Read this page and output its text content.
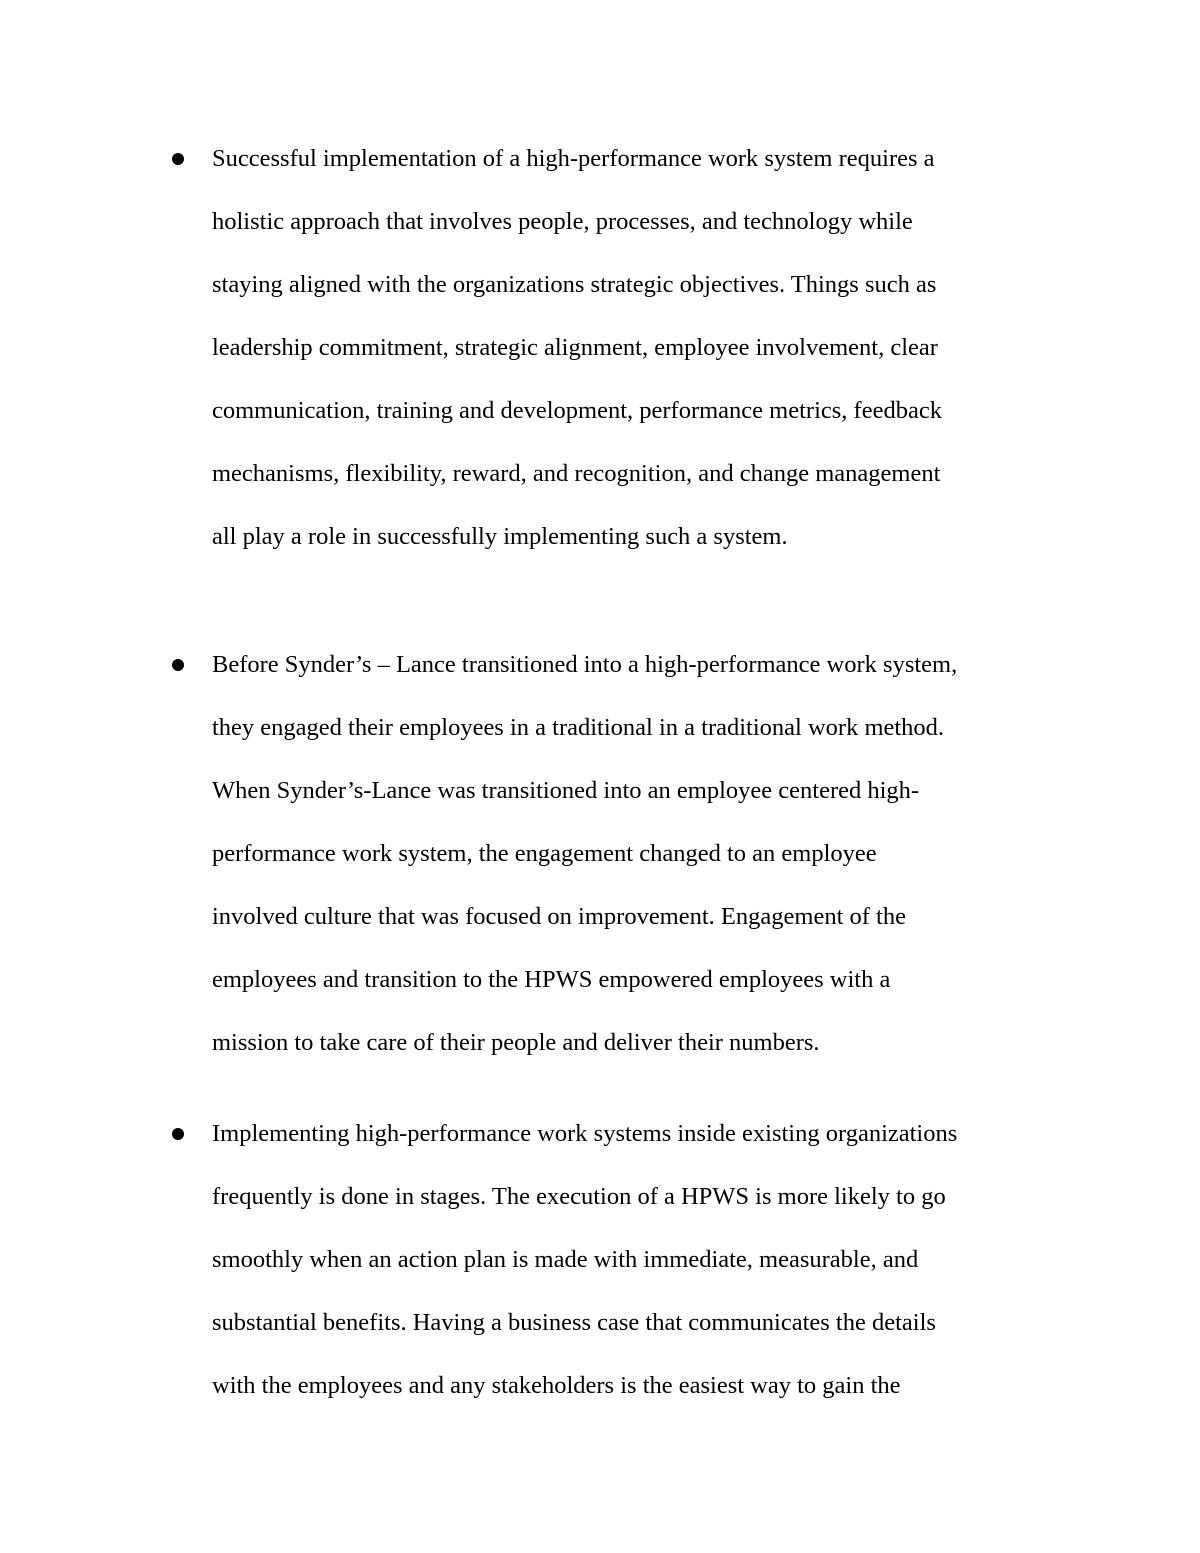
Successful implementation of a high-performance work system requires a
holistic approach that involves people, processes, and technology while
staying aligned with the organizations strategic objectives. Things such as
leadership commitment, strategic alignment, employee involvement, clear
communication, training and development, performance metrics, feedback
mechanisms, flexibility, reward, and recognition, and change management
all play a role in successfully implementing such a system.
Before Synder’s – Lance transitioned into a high-performance work system,
they engaged their employees in a traditional in a traditional work method.
When Synder’s-Lance was transitioned into an employee centered high-
performance work system, the engagement changed to an employee
involved culture that was focused on improvement. Engagement of the
employees and transition to the HPWS empowered employees with a
mission to take care of their people and deliver their numbers.
Implementing high-performance work systems inside existing organizations
frequently is done in stages. The execution of a HPWS is more likely to go
smoothly when an action plan is made with immediate, measurable, and
substantial benefits. Having a business case that communicates the details
with the employees and any stakeholders is the easiest way to gain the
